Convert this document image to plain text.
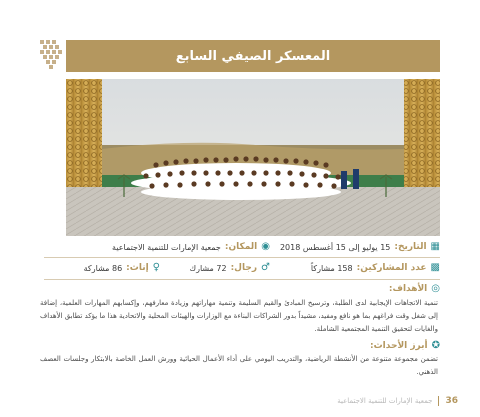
المعسكر الصيفي السابع
▦
التاريخ:
15 يوليو إلى 15 أغسطس 2018
◉
المكان:
جمعية الإمارات للتنمية الاجتماعية
▩
عدد المشاركين:
158 مشاركاً
♂
رجال:
72 مشارك
♀
إناث:
86 مشاركة
◎
الأهداف:

تنمية الاتجاهات الإيجابية لدى الطلبة، وترسيخ المبادئ والقيم السليمة وتنمية مهاراتهم وزيادة معارفهم، وإكسابهم المهارات العلمية، إضافة إلى شغل وقت فراغهم بما هو نافع ومفيد، مشيداً بدور الشراكات البناءة مع الوزارات والهيئات المحلية والاتحادية هذا ما يؤكد تطابق الأهداف والغايات لتحقيق التنمية المجتمعية الشاملة.

✪
أبرز الأحداث:

تضمن مجموعة متنوعة من الأنشطة الرياضية، والتدريب اليومي على أداء الأعمال الحيائية وورش العمل الخاصة بالابتكار وجلسات العصف الذهني.

36
جمعية الإمارات للتنمية الاجتماعية
